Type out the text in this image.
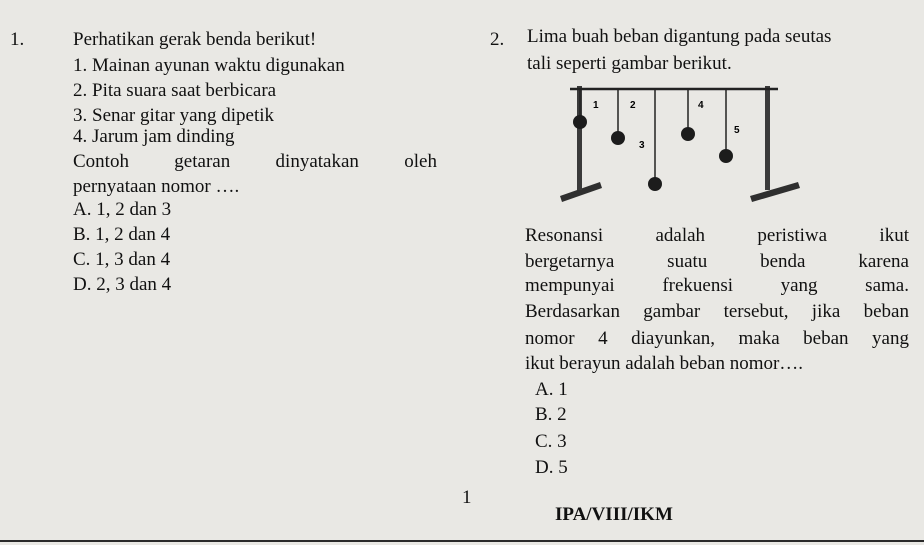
1.	Perhatikan gerak benda berikut!
1. Mainan ayunan waktu digunakan
2. Pita suara saat berbicara
3. Senar gitar yang dipetik
4. Jarum jam dinding
Contoh getaran dinyatakan oleh
pernyataan nomor ….
A. 1, 2 dan 3
B. 1, 2 dan 4
C. 1, 3 dan 4
D. 2, 3 dan 4
2. Lima buah beban digantung pada seutas
tali seperti gambar berikut.
1	2
3
4
5
Resonansi	adalah	peristiwa	ikut
bergetarnya	suatu	benda	karena
mempunyai	frekuensi	yang	sama.
Berdasarkan gambar tersebut, jika beban
nomor 4 diayunkan, maka beban yang
ikut berayun adalah beban nomor….
A. 1
B. 2
C. 3
D. 5
1
IPA/VIII/IKM
